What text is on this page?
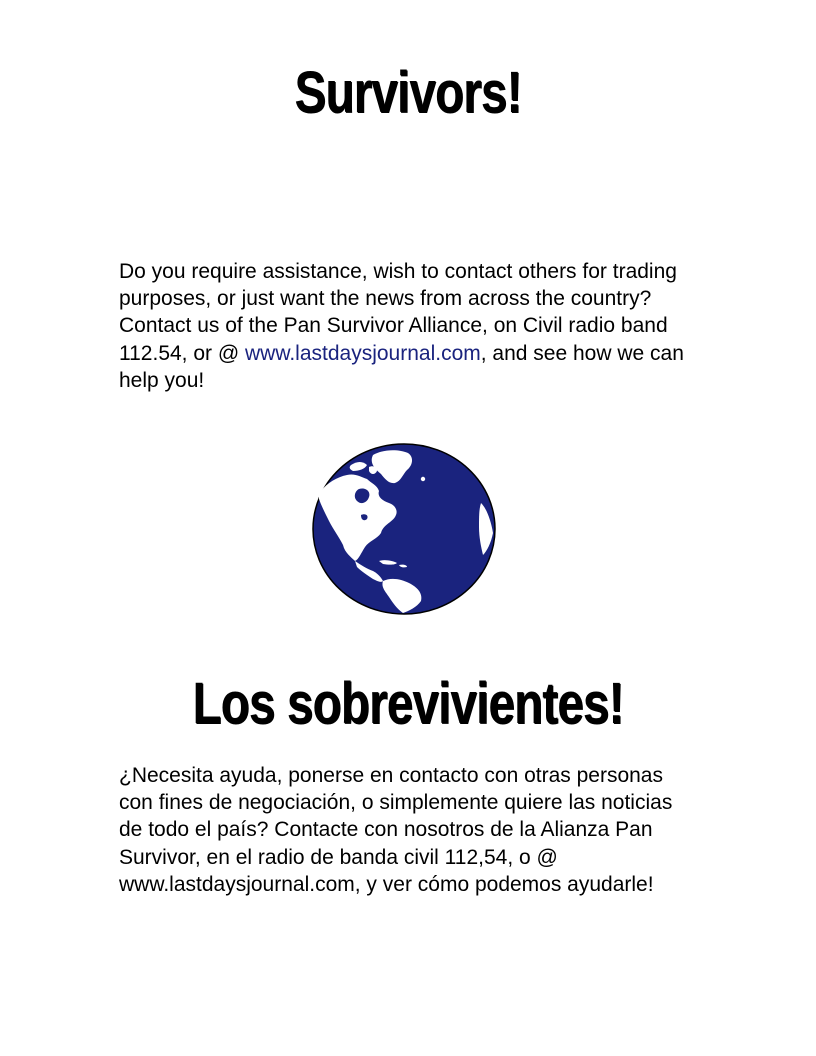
Survivors!

Do you require assistance, wish to contact others for trading purposes, or just want the news from across the country? Contact us of the Pan Survivor Alliance, on Civil radio band 112.54, or @ www.lastdaysjournal.com, and see how we can help you!

Los sobrevivientes!

¿Necesita ayuda, ponerse en contacto con otras personas con fines de negociación, o simplemente quiere las noticias de todo el país? Contacte con nosotros de la Alianza Pan Survivor, en el radio de banda civil 112,54, o @ www.lastdaysjournal.com, y ver cómo podemos ayudarle!
